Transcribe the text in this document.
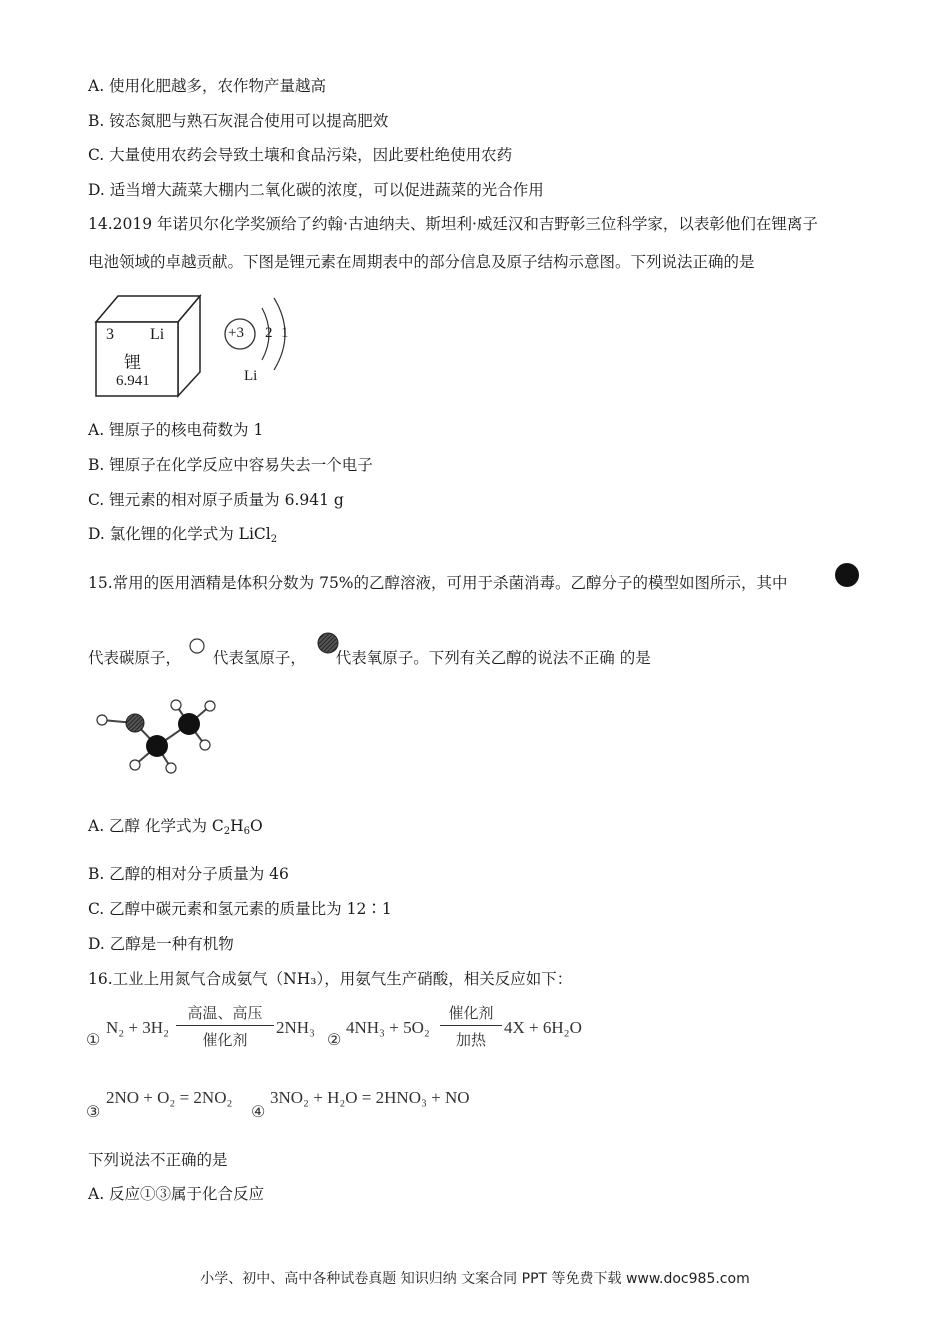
A. 使用化肥越多，农作物产量越高
B. 铵态氮肥与熟石灰混合使用可以提高肥效
C. 大量使用农药会导致土壤和食品污染，因此要杜绝使用农药
D. 适当增大蔬菜大棚内二氧化碳的浓度，可以促进蔬菜的光合作用
14.2019 年诺贝尔化学奖颁给了约翰·古迪纳夫、斯坦利·威廷汉和吉野彰三位科学家，以表彰他们在锂离子
电池领域的卓越贡献。下图是锂元素在周期表中的部分信息及原子结构示意图。下列说法正确的是
3 Li
锂
6.941
+3 2 1
Li
A. 锂原子的核电荷数为 1
B. 锂原子在化学反应中容易失去一个电子
C. 锂元素的相对原子质量为 6.941 g
D. 氯化锂的化学式为 LiCl$_2$
15.常用的医用酒精是体积分数为 75%的乙醇溶液，可用于杀菌消毒。乙醇分子的模型如图所示，其中
代表碳原子， 代表氢原子， 代表氧原子。下列有关乙醇的说法不正确 的是
A. 乙醇 化学式为 $C_2H_6O$
B. 乙醇的相对分子质量为 46
C. 乙醇中碳元素和氢元素的质量比为 12∶1
D. 乙醇是一种有机物
16.工业上用氮气合成氨气（NH₃），用氨气生产硝酸，相关反应如下：
①
N₂ + 3H₂
高温、高压
催化剂
2NH₃
②
4NH₃ + 5O₂
催化剂
加热
4X + 6H₂O
③
2NO + O₂ = 2NO₂
④
3NO₂ + H₂O = 2HNO₃ + NO
下列说法不正确的是
A. 反应①③属于化合反应
小学、初中、高中各种试卷真题 知识归纳 文案合同 PPT 等免费下载 www.doc985.com
